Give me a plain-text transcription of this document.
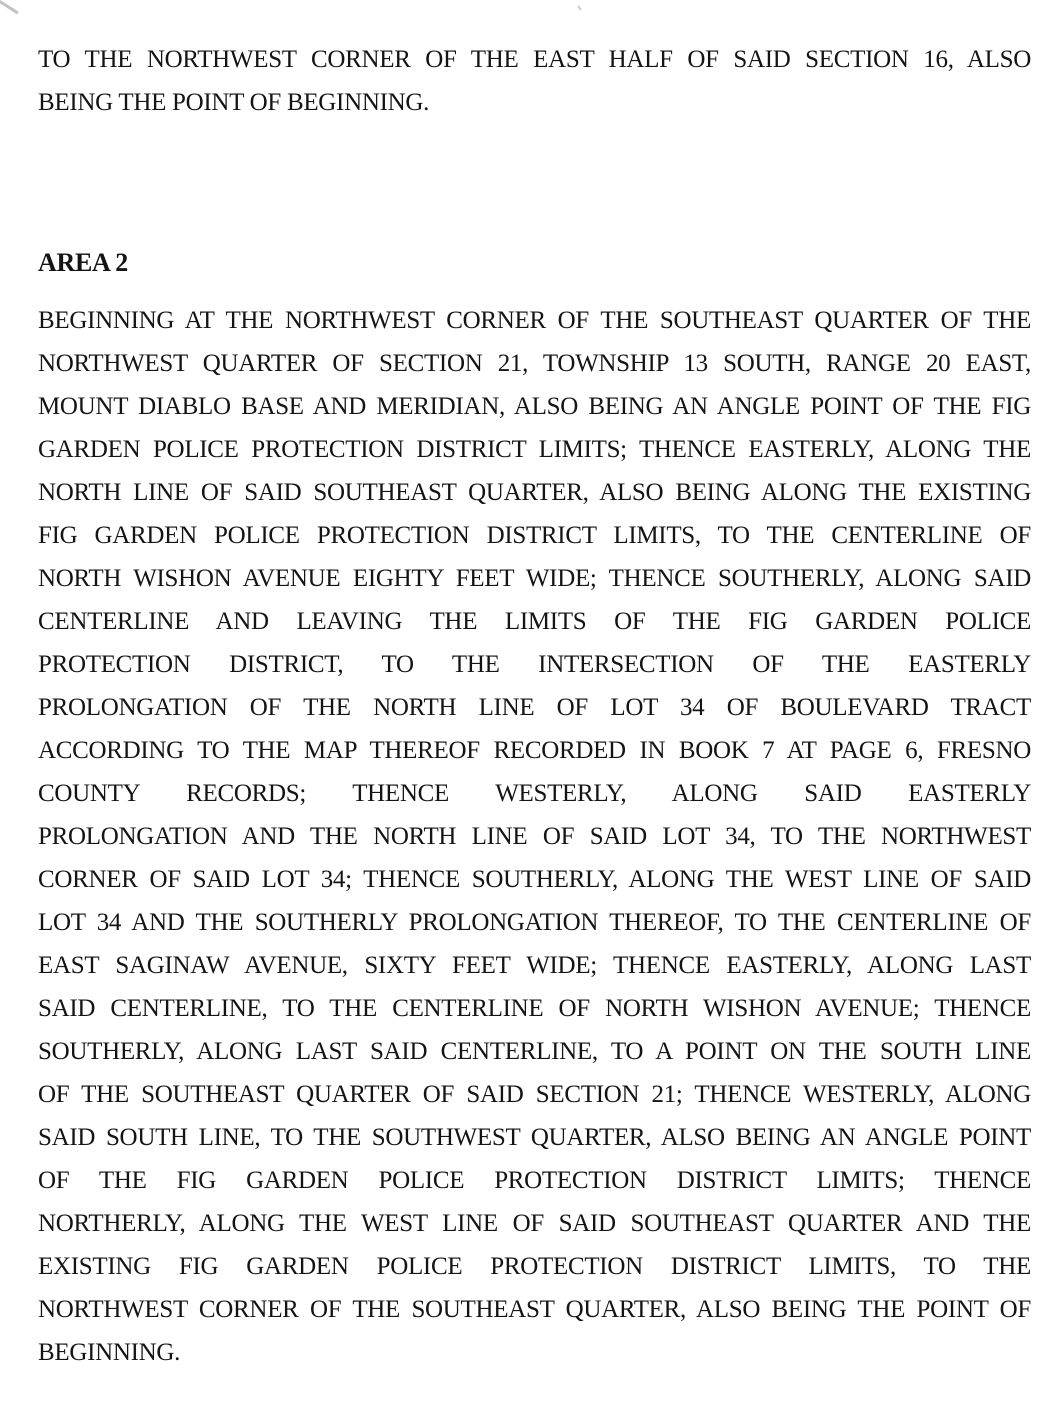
TO THE NORTHWEST CORNER OF THE EAST HALF OF SAID SECTION 16, ALSO
BEING THE POINT OF BEGINNING.
AREA 2
BEGINNING AT THE NORTHWEST CORNER OF THE SOUTHEAST QUARTER OF THE
NORTHWEST QUARTER OF SECTION 21, TOWNSHIP 13 SOUTH, RANGE 20 EAST,
MOUNT DIABLO BASE AND MERIDIAN, ALSO BEING AN ANGLE POINT OF THE FIG
GARDEN POLICE PROTECTION DISTRICT LIMITS; THENCE EASTERLY, ALONG THE
NORTH LINE OF SAID SOUTHEAST QUARTER, ALSO BEING ALONG THE EXISTING
FIG GARDEN POLICE PROTECTION DISTRICT LIMITS, TO THE CENTERLINE OF
NORTH WISHON AVENUE EIGHTY FEET WIDE; THENCE SOUTHERLY, ALONG SAID
CENTERLINE AND LEAVING THE LIMITS OF THE FIG GARDEN POLICE
PROTECTION DISTRICT, TO THE INTERSECTION OF THE EASTERLY
PROLONGATION OF THE NORTH LINE OF LOT 34 OF BOULEVARD TRACT
ACCORDING TO THE MAP THEREOF RECORDED IN BOOK 7 AT PAGE 6, FRESNO
COUNTY RECORDS; THENCE WESTERLY, ALONG SAID EASTERLY
PROLONGATION AND THE NORTH LINE OF SAID LOT 34, TO THE NORTHWEST
CORNER OF SAID LOT 34; THENCE SOUTHERLY, ALONG THE WEST LINE OF SAID
LOT 34 AND THE SOUTHERLY PROLONGATION THEREOF, TO THE CENTERLINE OF
EAST SAGINAW AVENUE, SIXTY FEET WIDE; THENCE EASTERLY, ALONG LAST
SAID CENTERLINE, TO THE CENTERLINE OF NORTH WISHON AVENUE; THENCE
SOUTHERLY, ALONG LAST SAID CENTERLINE, TO A POINT ON THE SOUTH LINE
OF THE SOUTHEAST QUARTER OF SAID SECTION 21; THENCE WESTERLY, ALONG
SAID SOUTH LINE, TO THE SOUTHWEST QUARTER, ALSO BEING AN ANGLE POINT
OF THE FIG GARDEN POLICE PROTECTION DISTRICT LIMITS; THENCE
NORTHERLY, ALONG THE WEST LINE OF SAID SOUTHEAST QUARTER AND THE
EXISTING FIG GARDEN POLICE PROTECTION DISTRICT LIMITS, TO THE
NORTHWEST CORNER OF THE SOUTHEAST QUARTER, ALSO BEING THE POINT OF
BEGINNING.
